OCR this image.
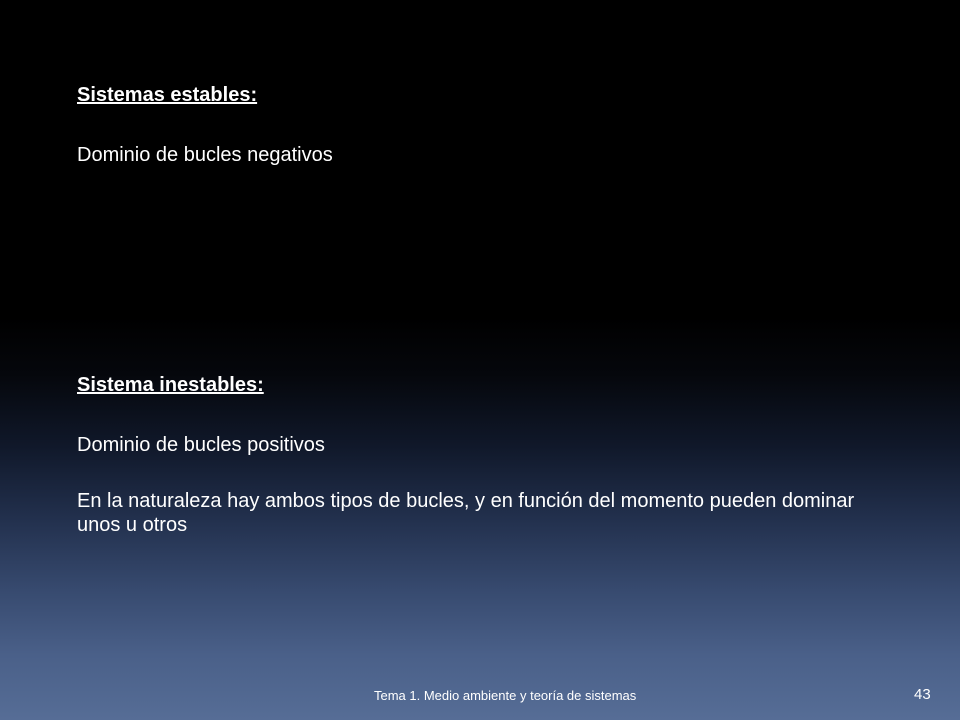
Sistemas estables:
Dominio de bucles negativos
Sistema inestables:
Dominio de bucles positivos
En la naturaleza hay ambos tipos de bucles, y en función del momento pueden dominar unos u otros
Tema 1. Medio ambiente y teoría de sistemas	43
